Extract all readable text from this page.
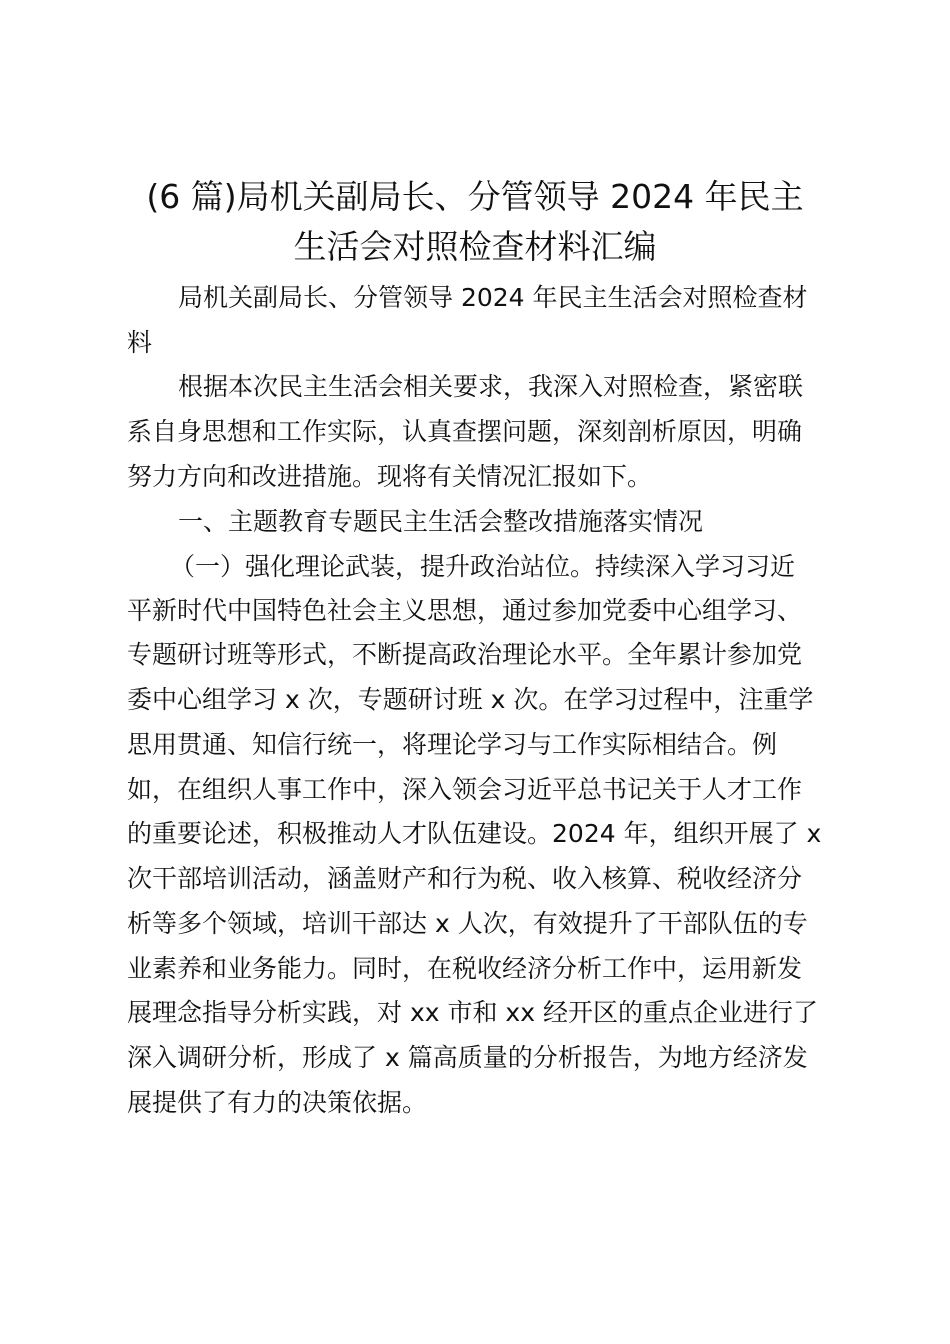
(6 篇)局机关副局长、分管领导 2024 年民主
生活会对照检查材料汇编

局机关副局长、分管领导 2024 年民主生活会对照检查材

料

根据本次民主生活会相关要求，我深入对照检查，紧密联

系自身思想和工作实际，认真查摆问题，深刻剖析原因，明确

努力方向和改进措施。现将有关情况汇报如下。

一、主题教育专题民主生活会整改措施落实情况

（一）强化理论武装，提升政治站位。持续深入学习习近

平新时代中国特色社会主义思想，通过参加党委中心组学习、

专题研讨班等形式，不断提高政治理论水平。全年累计参加党

委中心组学习 x 次，专题研讨班 x 次。在学习过程中，注重学

思用贯通、知信行统一，将理论学习与工作实际相结合。例

如，在组织人事工作中，深入领会习近平总书记关于人才工作

的重要论述，积极推动人才队伍建设。2024 年，组织开展了 x

次干部培训活动，涵盖财产和行为税、收入核算、税收经济分

析等多个领域，培训干部达 x 人次，有效提升了干部队伍的专

业素养和业务能力。同时，在税收经济分析工作中，运用新发

展理念指导分析实践，对 xx 市和 xx 经开区的重点企业进行了

深入调研分析，形成了 x 篇高质量的分析报告，为地方经济发

展提供了有力的决策依据。
